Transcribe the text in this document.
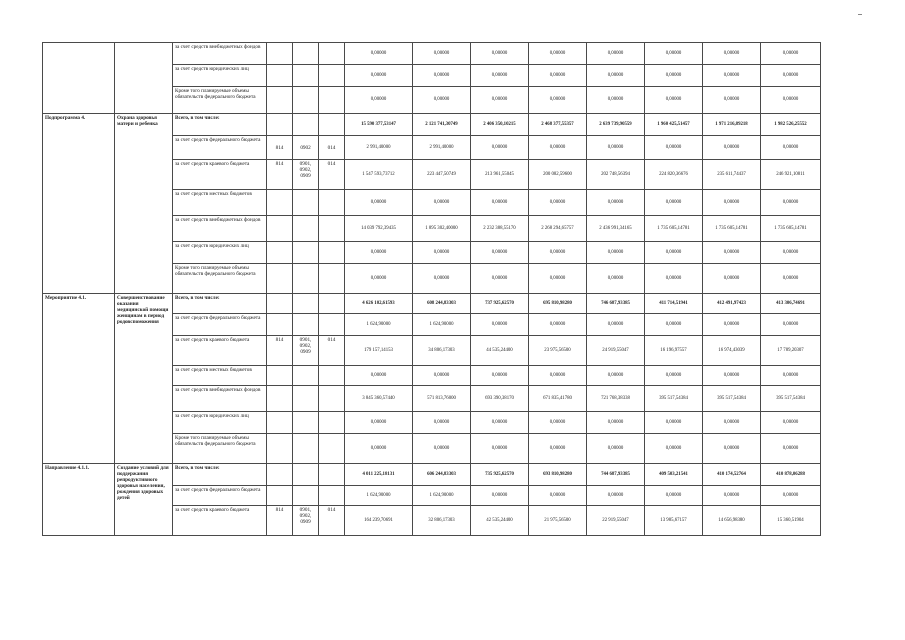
		за счет средств внебюджетных фондов				0,00000	0,00000	0,00000	0,00000	0,00000	0,00000	0,00000	0,00000
		за счет средств юридических лиц				0,00000	0,00000	0,00000	0,00000	0,00000	0,00000	0,00000	0,00000
		Кроме того планируемые объемы обязательств федерального бюджета				0,00000	0,00000	0,00000	0,00000	0,00000	0,00000	0,00000	0,00000
Подпрограмма 4.	Охрана здоровья матери и ребенка	Всего, в том числе:				15 590 377,53147	2 121 741,30749	2 406 350,10215	2 468 377,55357	2 639 739,90559	1 960 425,51457	1 971 216,89218	1 982 526,25552
		за счет средств федерального бюджета	814	0902	014	2 991,40000	2 991,40000	0,00000	0,00000	0,00000	0,00000	0,00000	0,00000
		за счет средств краевого бюджета	814	0901, 0902, 0909	014	1 547 593,73712	223 447,50749	213 961,55045	200 082,59600	202 748,56394	224 820,36676	235 611,74437	246 921,10811
		за счет средств местных бюджетов				0,00000	0,00000	0,00000	0,00000	0,00000	0,00000	0,00000	0,00000
		за счет средств внебюджетных фондов				14 039 792,39435	1 895 302,40000	2 232 388,55170	2 268 294,65757	2 436 991,34165	1 735 605,14781	1 735 605,14781	1 735 605,14781
		за счет средств юридических лиц				0,00000	0,00000	0,00000	0,00000	0,00000	0,00000	0,00000	0,00000
		Кроме того планируемые объемы обязательств федерального бюджета				0,00000	0,00000	0,00000	0,00000	0,00000	0,00000	0,00000	0,00000
Мероприятие 4.1.	Совершенствование оказания медицинской помощи женщинам в период родовспоможения	Всего, в том числе:				4 626 102,61593	608 244,83303	737 925,62570	695 810,98280	746 687,93385	411 714,51941	412 491,97423	413 306,74691
		за счет средств федерального бюджета				1 624,90000	1 624,90000	0,00000	0,00000	0,00000	0,00000	0,00000	0,00000
		за счет средств краевого бюджета	814	0901, 0902, 0909	014	179 157,14153	34 806,17303	44 535,24400	23 975,56500	24 919,55047	16 196,97557	16 974,43039	17 789,20307
		за счет средств местных бюджетов				0,00000	0,00000	0,00000	0,00000	0,00000	0,00000	0,00000	0,00000
		за счет средств внебюджетных фондов				3 845 360,57440	571 813,76000	693 390,38170	671 835,41780	721 768,38338	395 517,54384	395 517,54384	395 517,54384
		за счет средств юридических лиц				0,00000	0,00000	0,00000	0,00000	0,00000	0,00000	0,00000	0,00000
		Кроме того планируемые объемы обязательств федерального бюджета				0,00000	0,00000	0,00000	0,00000	0,00000	0,00000	0,00000	0,00000
Направление 4.1.1.	Создание условий для поддержания репродуктивного здоровья населения, рождения здоровых детей	Всего, в том числе:				4 011 225,18131	606 244,83303	735 925,62570	693 810,98280	744 687,93385	409 503,21541	410 174,52764	410 878,06288
		за счет средств федерального бюджета				1 624,90000	1 624,90000	0,00000	0,00000	0,00000	0,00000	0,00000	0,00000
		за счет средств краевого бюджета	814	0901, 0902, 0909	014	164 239,70691	32 806,17303	42 535,24400	21 975,56500	22 919,55047	13 985,67157	14 656,98380	15 360,51904
